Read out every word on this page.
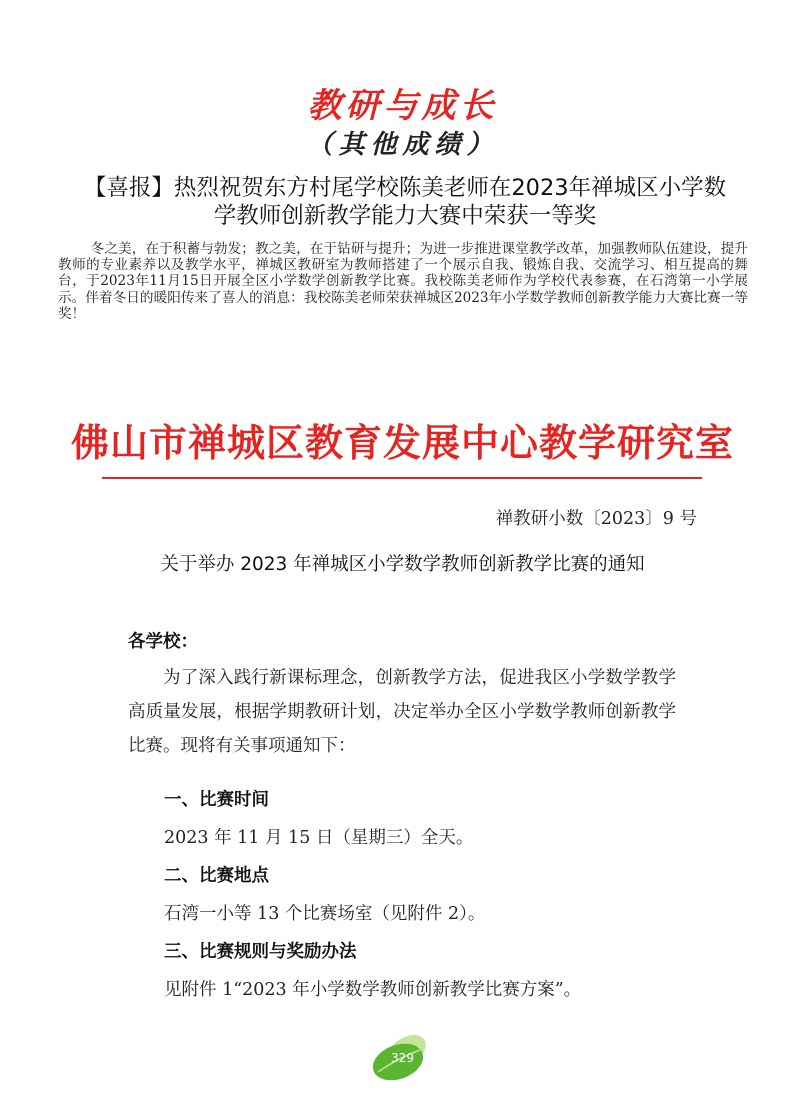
教研与成长
（其他成绩）
【喜报】热烈祝贺东方村尾学校陈美老师在2023年禅城区小学数学教师创新教学能力大赛中荣获一等奖
冬之美，在于积蓄与勃发；教之美，在于钻研与提升；为进一步推进课堂教学改革，加强教师队伍建设，提升教师的专业素养以及教学水平，禅城区教研室为教师搭建了一个展示自我、锻炼自我、交流学习、相互提高的舞台，于2023年11月15日开展全区小学数学创新教学比赛。我校陈美老师作为学校代表参赛，在石湾第一小学展示。伴着冬日的暖阳传来了喜人的消息：我校陈美老师荣获禅城区2023年小学数学教师创新教学能力大赛比赛一等奖！
佛山市禅城区教育发展中心教学研究室
禅教研小数〔2023〕9 号
关于举办 2023 年禅城区小学数学教师创新教学比赛的通知
各学校：
为了深入践行新课标理念，创新教学方法，促进我区小学数学教学高质量发展，根据学期教研计划，决定举办全区小学数学教师创新教学比赛。现将有关事项通知下：
一、比赛时间
2023 年 11 月 15 日（星期三）全天。
二、比赛地点
石湾一小等 13 个比赛场室（见附件 2）。
三、比赛规则与奖励办法
见附件 1“2023 年小学数学教师创新教学比赛方案”。
329
